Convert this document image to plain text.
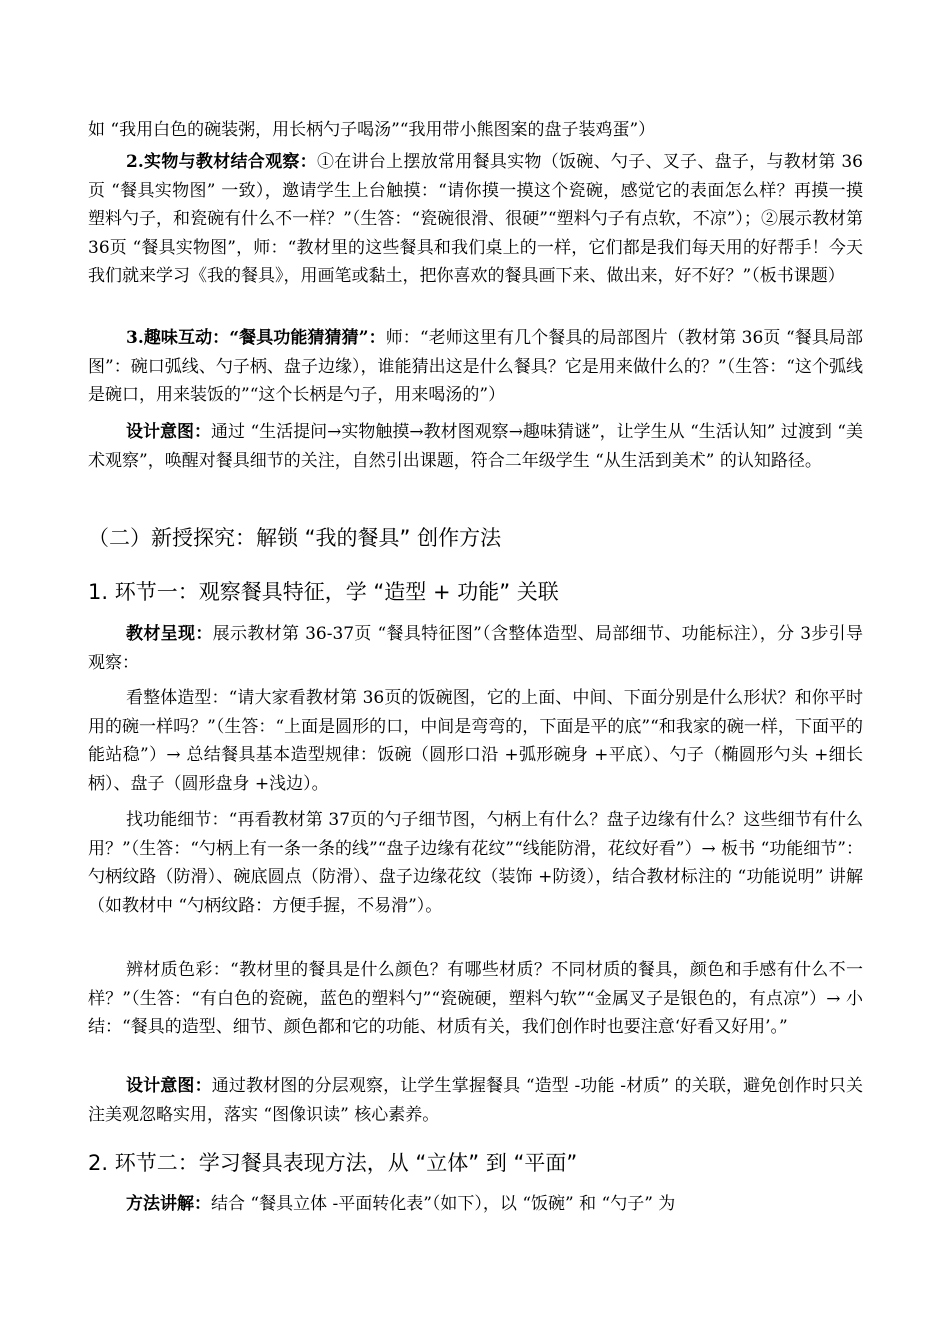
如 “我用白色的碗装粥，用长柄勺子喝汤”“我用带小熊图案的盘子装鸡蛋”）

2.实物与教材结合观察：①在讲台上摆放常用餐具实物（饭碗、勺子、叉子、盘子，与教材第 36页 “餐具实物图” 一致），邀请学生上台触摸：“请你摸一摸这个瓷碗，感觉它的表面怎么样？再摸一摸塑料勺子，和瓷碗有什么不一样？”（生答：“瓷碗很滑、很硬”“塑料勺子有点软，不凉”）；②展示教材第 36页 “餐具实物图”，师：“教材里的这些餐具和我们桌上的一样，它们都是我们每天用的好帮手！今天我们就来学习《我的餐具》，用画笔或黏土，把你喜欢的餐具画下来、做出来，好不好？”（板书课题）

3.趣味互动：“餐具功能猜猜猜”：师：“老师这里有几个餐具的局部图片（教材第 36页 “餐具局部图”：碗口弧线、勺子柄、盘子边缘），谁能猜出这是什么餐具？它是用来做什么的？”（生答：“这个弧线是碗口，用来装饭的”“这个长柄是勺子，用来喝汤的”）

设计意图：通过 “生活提问→实物触摸→教材图观察→趣味猜谜”，让学生从 “生活认知” 过渡到 “美术观察”，唤醒对餐具细节的关注，自然引出课题，符合二年级学生 “从生活到美术” 的认知路径。

（二）新授探究：解锁 “我的餐具” 创作方法
1. 环节一：观察餐具特征，学 “造型 + 功能” 关联

教材呈现：展示教材第 36-37页 “餐具特征图”（含整体造型、局部细节、功能标注），分 3步引导观察：

看整体造型：“请大家看教材第 36页的饭碗图，它的上面、中间、下面分别是什么形状？和你平时用的碗一样吗？”（生答：“上面是圆形的口，中间是弯弯的，下面是平的底”“和我家的碗一样，下面平的能站稳”）→ 总结餐具基本造型规律：饭碗（圆形口沿 +弧形碗身 +平底）、勺子（椭圆形勺头 +细长柄）、盘子（圆形盘身 +浅边）。

找功能细节：“再看教材第 37页的勺子细节图，勺柄上有什么？盘子边缘有什么？这些细节有什么用？”（生答：“勺柄上有一条一条的线”“盘子边缘有花纹”“线能防滑，花纹好看”）→ 板书 “功能细节”：勺柄纹路（防滑）、碗底圆点（防滑）、盘子边缘花纹（装饰 +防烫），结合教材标注的 “功能说明” 讲解（如教材中 “勺柄纹路：方便手握，不易滑”）。

辨材质色彩：“教材里的餐具是什么颜色？有哪些材质？不同材质的餐具，颜色和手感有什么不一样？”（生答：“有白色的瓷碗，蓝色的塑料勺”“瓷碗硬，塑料勺软”“金属叉子是银色的，有点凉”）→ 小结：“餐具的造型、细节、颜色都和它的功能、材质有关，我们创作时也要注意‘好看又好用’。”

设计意图：通过教材图的分层观察，让学生掌握餐具 “造型 -功能 -材质” 的关联，避免创作时只关注美观忽略实用，落实 “图像识读” 核心素养。

2. 环节二：学习餐具表现方法，从 “立体” 到 “平面”

方法讲解：结合 “餐具立体 -平面转化表”（如下），以 “饭碗” 和 “勺子” 为
